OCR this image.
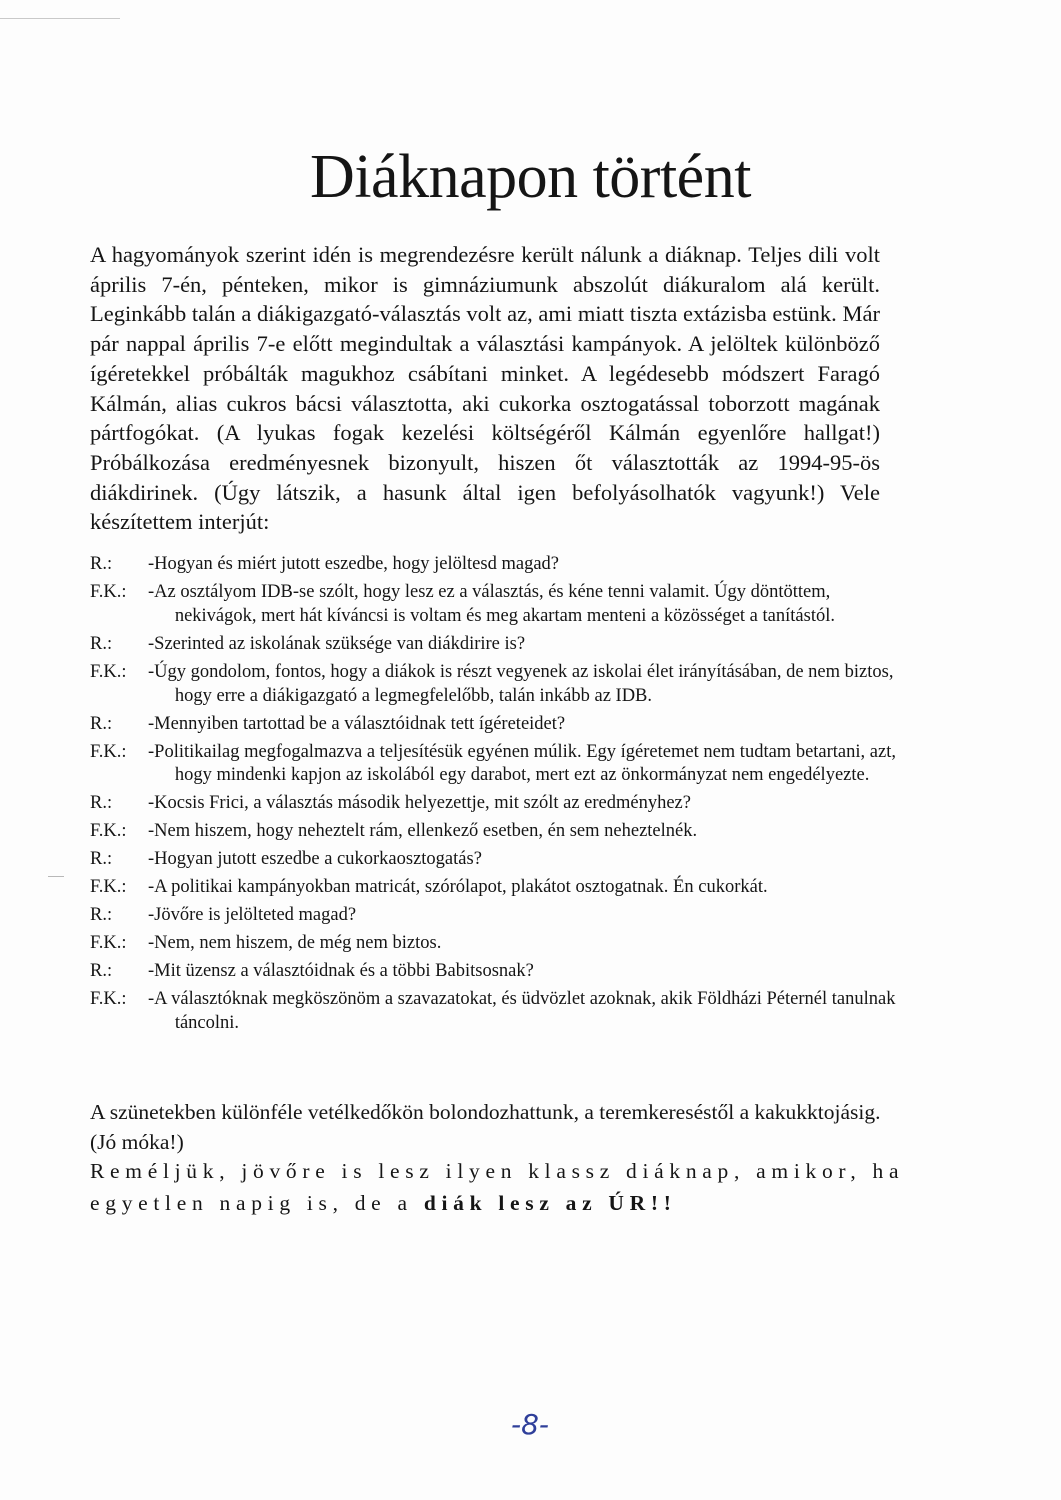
Diáknapon történt

A hagyományok szerint idén is megrendezésre került nálunk a diáknap. Teljes dili volt április 7-én, pénteken, mikor is gimnáziumunk abszolút diákuralom alá került. Leginkább talán a diákigazgató-választás volt az, ami miatt tiszta extázisba estünk. Már pár nappal április 7-e előtt megindultak a választási kampányok. A jelöltek különböző ígéretekkel próbálták magukhoz csábítani minket. A legédesebb módszert Faragó Kálmán, alias cukros bácsi választotta, aki cukorka osztogatással toborzott magának pártfogókat. (A lyukas fogak kezelési költségéről Kálmán egyenlőre hallgat!) Próbálkozása eredményesnek bizonyult, hiszen őt választották az 1994-95-ös diákdirinek. (Úgy látszik, a hasunk által igen befolyásolhatók vagyunk!) Vele készítettem interjút:

R.:	-Hogyan és miért jutott eszedbe, hogy jelöltesd magad?
F.K.:	-Az osztályom IDB-se szólt, hogy lesz ez a választás, és kéne tenni valamit. Úgy döntöttem, nekivágok, mert hát kíváncsi is voltam és meg akartam menteni a közösséget a tanítástól.
R.:	-Szerinted az iskolának szüksége van diákdirire is?
F.K.:	-Úgy gondolom, fontos, hogy a diákok is részt vegyenek az iskolai élet irányításában, de nem biztos, hogy erre a diákigazgató a legmegfelelőbb, talán inkább az IDB.
R.:	-Mennyiben tartottad be a választóidnak tett ígéreteidet?
F.K.:	-Politikailag megfogalmazva a teljesítésük egyénen múlik. Egy ígéretemet nem tudtam betartani, azt, hogy mindenki kapjon az iskolából egy darabot, mert ezt az önkormányzat nem engedélyezte.
R.:	-Kocsis Frici, a választás második helyezettje, mit szólt az eredményhez?
F.K.:	-Nem hiszem, hogy neheztelt rám, ellenkező esetben, én sem neheztelnék.
R.:	-Hogyan jutott eszedbe a cukorkaosztogatás?
F.K.:	-A politikai kampányokban matricát, szórólapot, plakátot osztogatnak. Én cukorkát.
R.:	-Jövőre is jelölteted magad?
F.K.:	-Nem, nem hiszem, de még nem biztos.
R.:	-Mit üzensz a választóidnak és a többi Babitsosnak?
F.K.:	-A választóknak megköszönöm a szavazatokat, és üdvözlet azoknak, akik Földházi Péternél tanulnak táncolni.

A szünetekben különféle vetélkedőkön bolondozhattunk, a teremkereséstől a kakukktojásig. (Jó móka!)

Reméljük, jövőre is lesz ilyen klassz diáknap, amikor, ha egyetlen napig is, de a diák lesz az ÚR!!

-8-
